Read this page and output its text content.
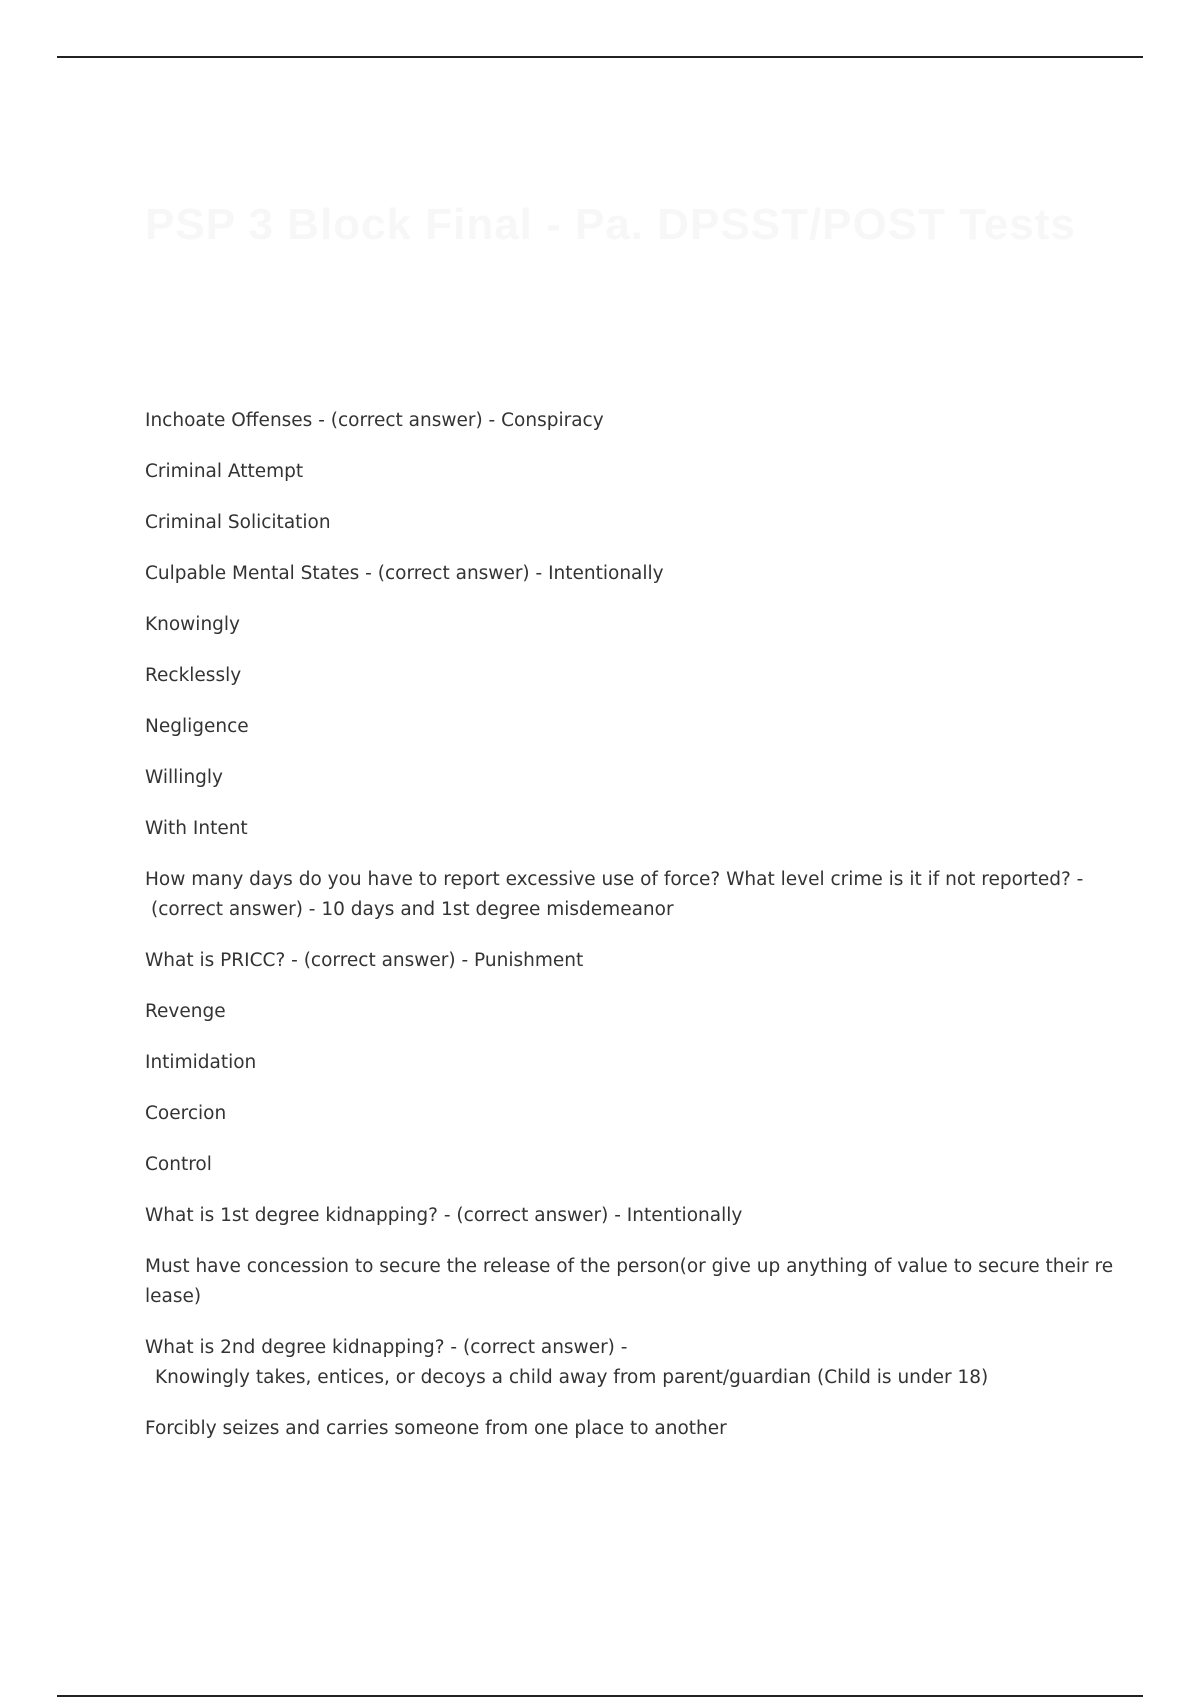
PSP 3 Block Final - Pa. DPSST/POST Tests

Inchoate Offenses - (correct answer) - Conspiracy

Criminal Attempt

Criminal Solicitation

Culpable Mental States - (correct answer) - Intentionally

Knowingly

Recklessly

Negligence

Willingly

With Intent

How many days do you have to report excessive use of force? What level crime is it if not reported? -
(correct answer) - 10 days and 1st degree misdemeanor

What is PRICC? - (correct answer) - Punishment

Revenge

Intimidation

Coercion

Control

What is 1st degree kidnapping? - (correct answer) - Intentionally

Must have concession to secure the release of the person(or give up anything of value to secure their re
lease)

What is 2nd degree kidnapping? - (correct answer) -
Knowingly takes, entices, or decoys a child away from parent/guardian (Child is under 18)

Forcibly seizes and carries someone from one place to another
